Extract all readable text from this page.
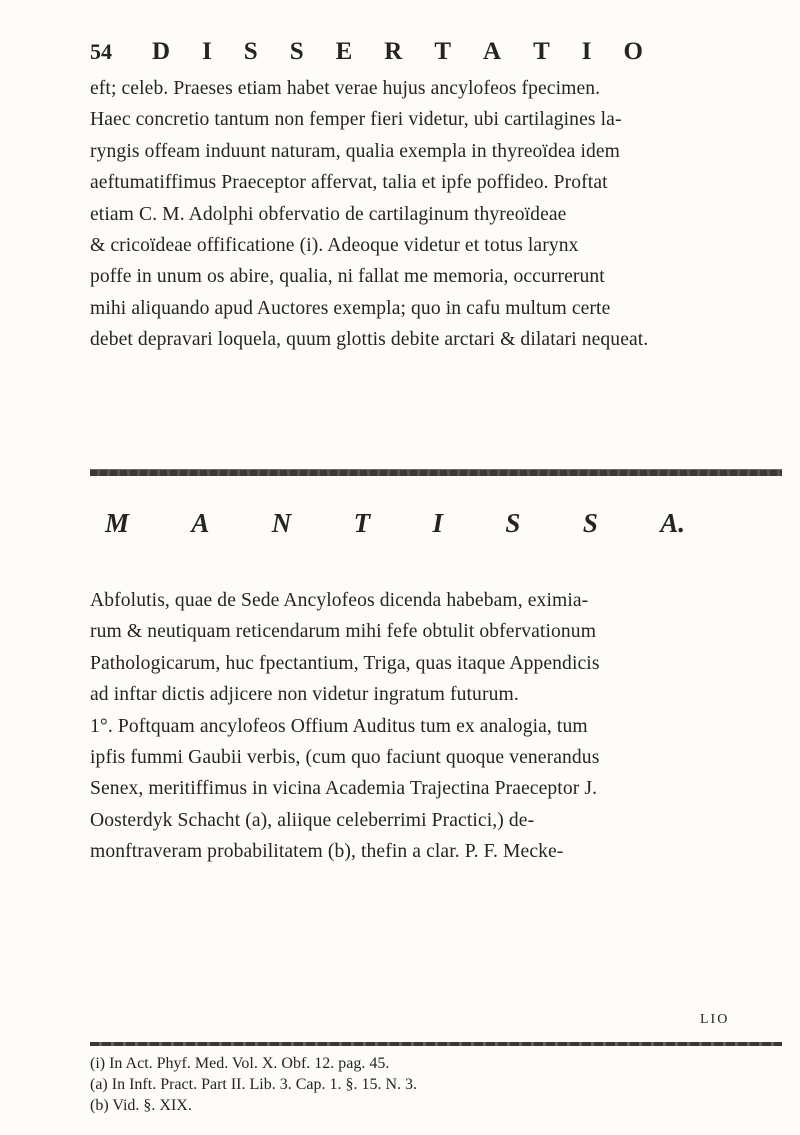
54 D I S S E R T A T I O
eft; celeb. Praeses etiam habet verae hujus ancylofeos fpecimen.
Haec concretio tantum non femper fieri videtur, ubi cartilagines la-
ryngis offeam induunt naturam, qualia exempla in thyreoïdea idem
aeftumatiffimus Praeceptor affervat, talia et ipfe poffideo. Proftat
etiam C. M. Adolphi obfervatio de cartilaginum thyreoïdeae
& cricoïdeae offificatione (i). Adeoque videtur et totus larynx
poffe in unum os abire, qualia, ni fallat me memoria, occurrerunt
mihi aliquando apud Auctores exempla; quo in cafu multum certe
debet depravari loquela, quum glottis debite arctari & dilatari nequeat.
M A N T I S S A.
Abfolutis, quae de Sede Ancylofeos dicenda habebam, eximia-
rum & neutiquam reticendarum mihi fefe obtulit obfervationum
Pathologicarum, huc fpectantium, Triga, quas itaque Appendicis
ad inftar dictis adjicere non videtur ingratum futurum.
1°. Poftquam ancylofeos Offium Auditus tum ex analogia, tum
ipfis fummi Gaubii verbis, (cum quo faciunt quoque venerandus
Senex, meritiffimus in vicina Academia Trajectina Praeceptor J.
Oosterdyk Schacht (a), aliique celeberrimi Practici,) de-
monftraveram probabilitatem (b), thefin a clar. P. F. Mecke-
LIO
(i) In Act. Phyf. Med. Vol. X. Obf. 12. pag. 45.
(a) In Inft. Pract. Part II. Lib. 3. Cap. 1. §. 15. N. 3.
(b) Vid. §. XIX.
